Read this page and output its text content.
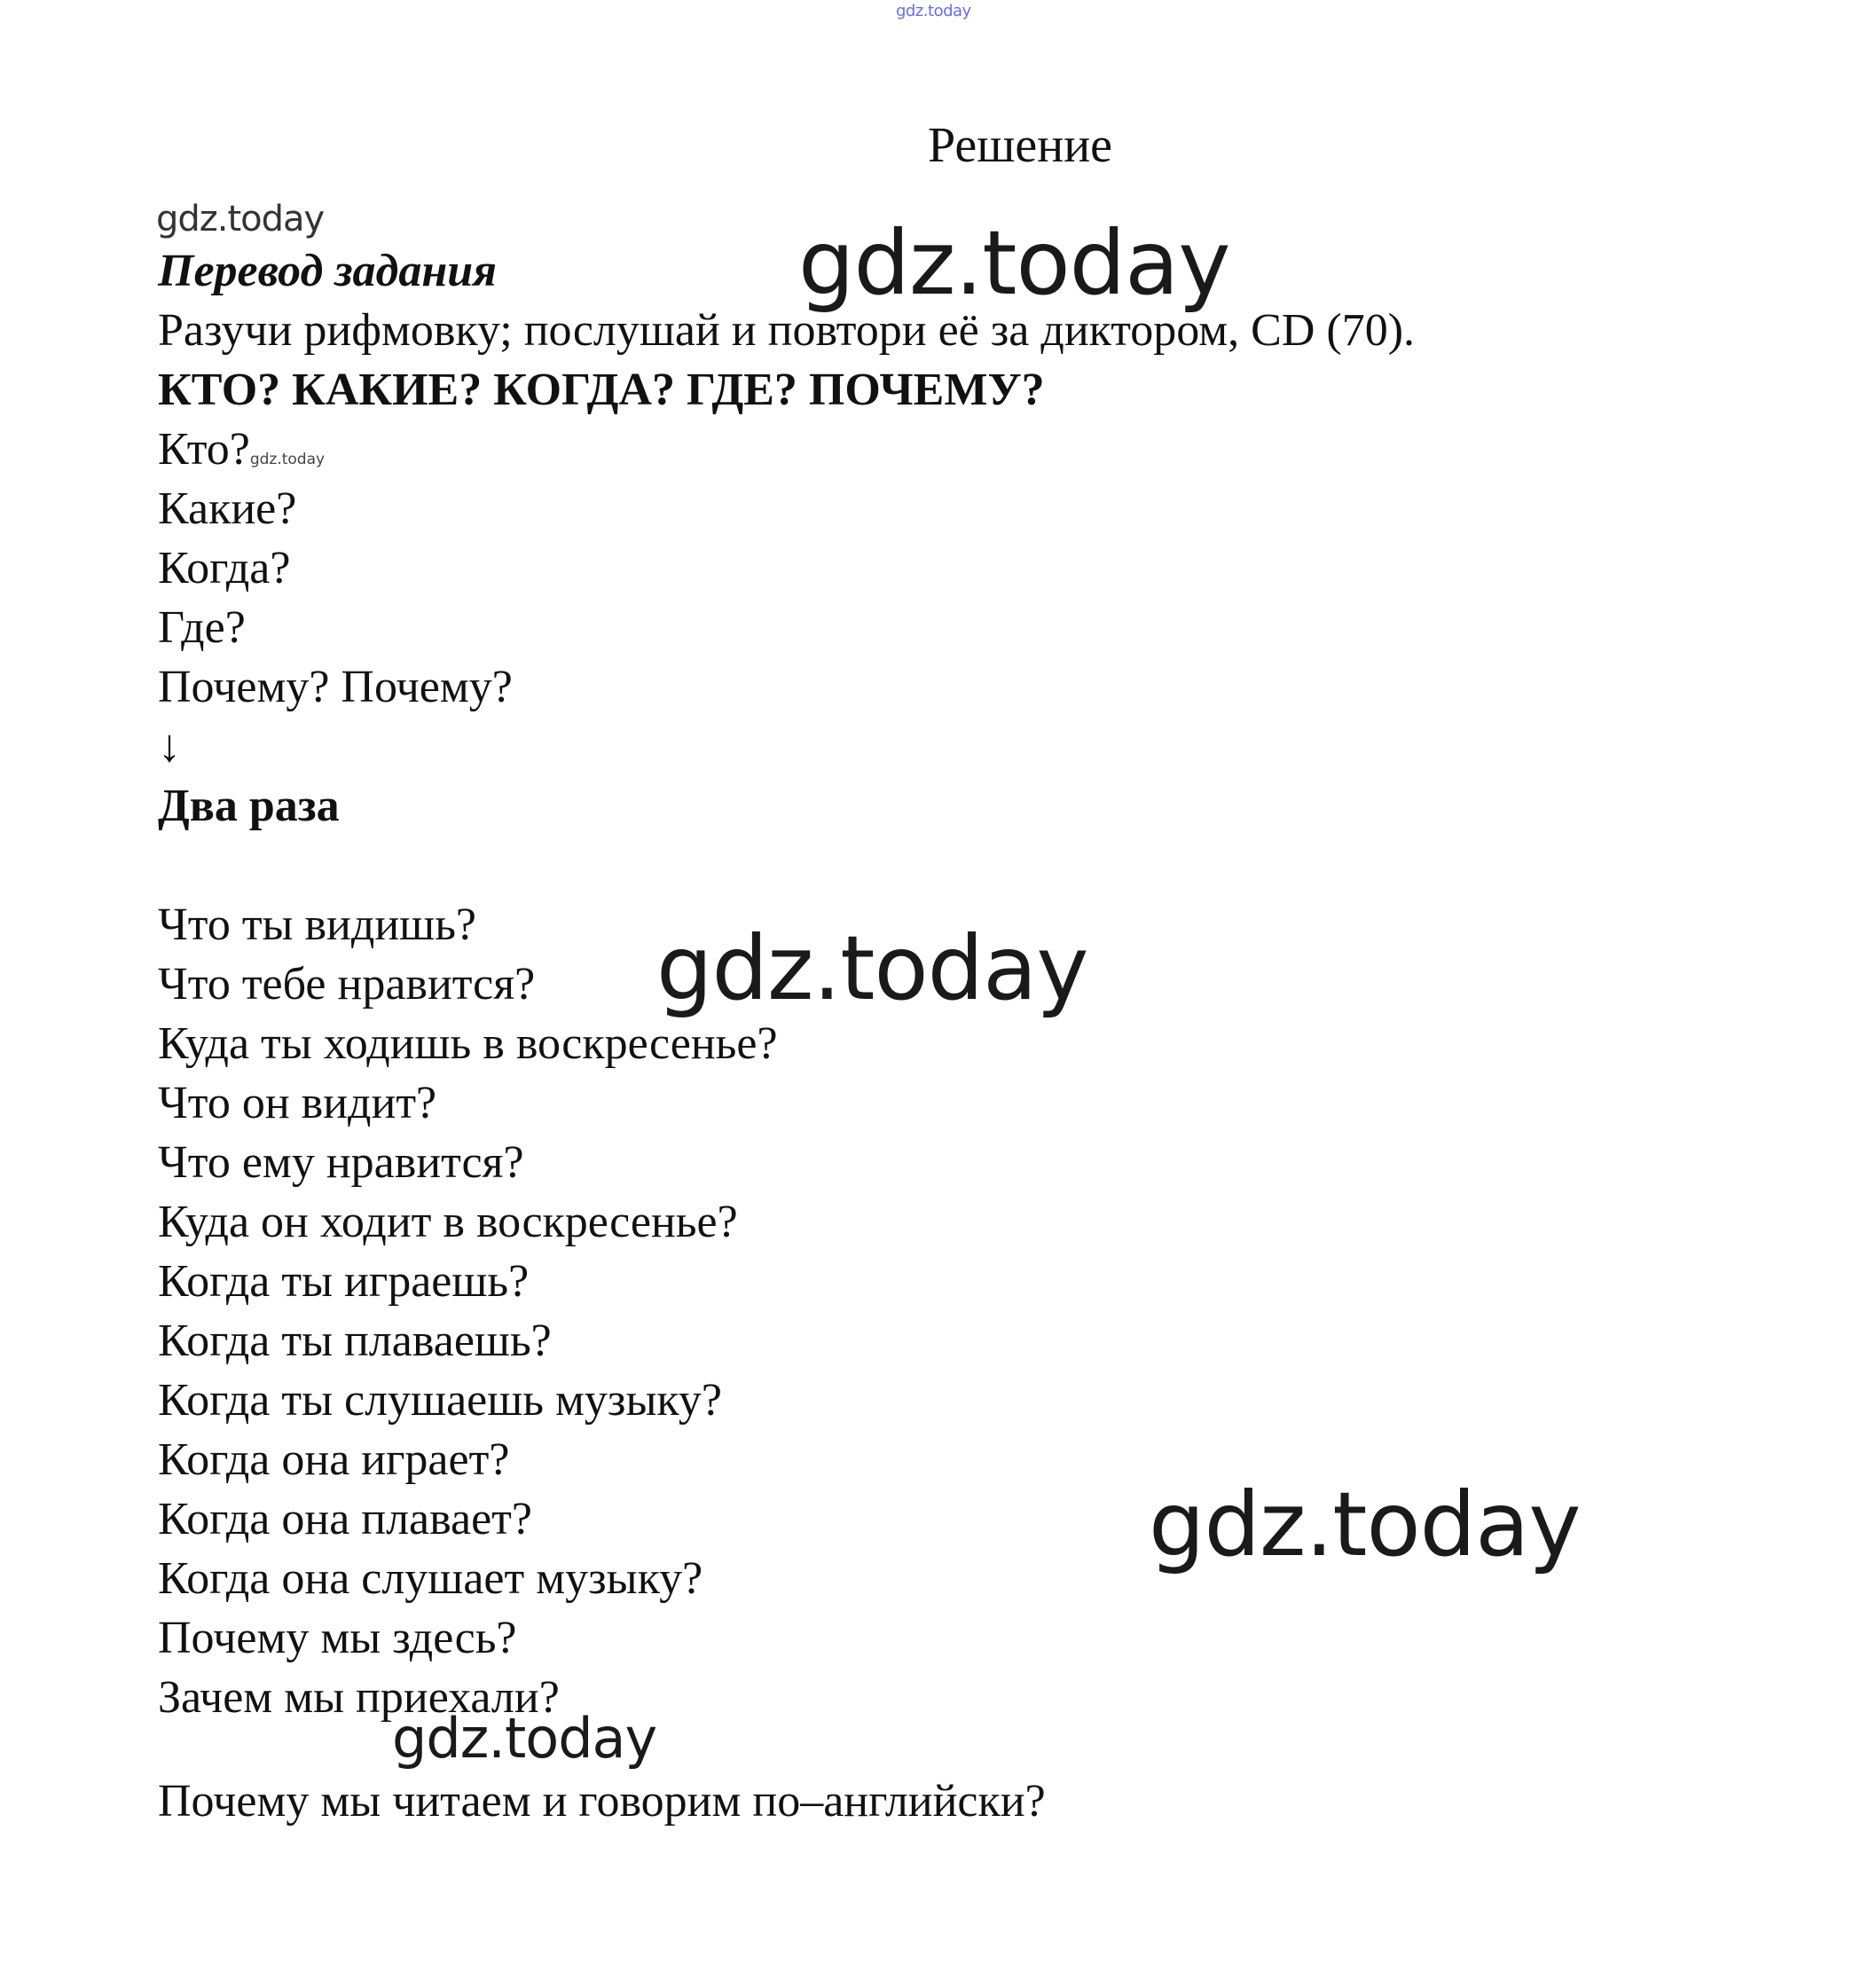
gdz.today
Решение
gdz.today	gdz.today
gdz.today
gdz.today
gdz.today
Перевод задания
Разучи рифмовку; послушай и повтори её за диктором, CD (70).
КТО? КАКИЕ? КОГДА? ГДЕ? ПОЧЕМУ?
Кто?gdz.today
Какие?
Когда?
Где?
Почему? Почему?
↓
Два раза
Что ты видишь?
Что тебе нравится?
Куда ты ходишь в воскресенье?
Что он видит?
Что ему нравится?
Куда он ходит в воскресенье?
Когда ты играешь?
Когда ты плаваешь?
Когда ты слушаешь музыку?
Когда она играет?
Когда она плавает?
Когда она слушает музыку?
Почему мы здесь?
Зачем мы приехали?
Почему мы читаем и говорим по–английски?
